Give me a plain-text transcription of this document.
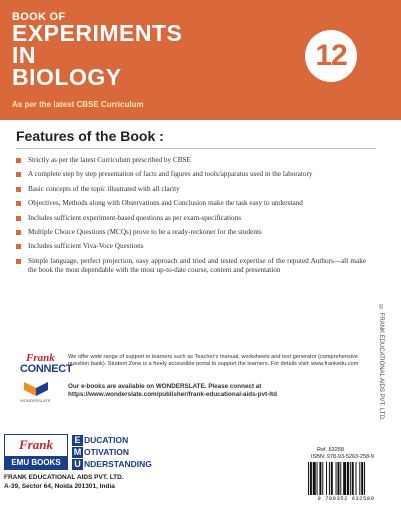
BOOK OF
EXPERIMENTS
IN
BIOLOGY
As per the latest CBSE Curriculum
12
Features of the Book :
Strictly as per the latest Curriculum prescribed by CBSE
A complete step by step presentation of facts and figures and tools/apparatus used in the laboratory
Basic concepts of the topic illustrated with all clarity
Objectives, Methods along with Observations and Conclusion make the task easy to understand
Includes sufficient experiment-based questions as per exam-specifications
Multiple Choice Questions (MCQs) prove to be a ready-reckoner for the students
Includes sufficient Viva-Voce Questions
Simple language, perfect projection, easy approach and tried and tested expertise of the reputed Authors—all make the book the most dependable with the most up-to-date course, content and presentation
© FRANK EDUCATIONAL AIDS PVT. LTD.
Frank
CONNECT
We offer wide range of support to learners such as Teacher's manual, worksheets and test generator (comprehensive question bank). Student Zone is a freely accessible portal to support the learners. For details visit: www.frankedu.com
WONDERSLATE
Our e-books are available on WONDERSLATE. Please connect at
https://www.wonderslate.com/publisher/frank-educational-aids-pvt-ltd
Frank
EMU BOOKS
E DUCATION
M OTIVATION
U NDERSTANDING
FRANK EDUCATIONAL AIDS PVT. LTD.
A-39, Sector 64, Noida 201301, India
Ref. 63258
ISBN: 978-93-5263-258-9
9 789352 632589
